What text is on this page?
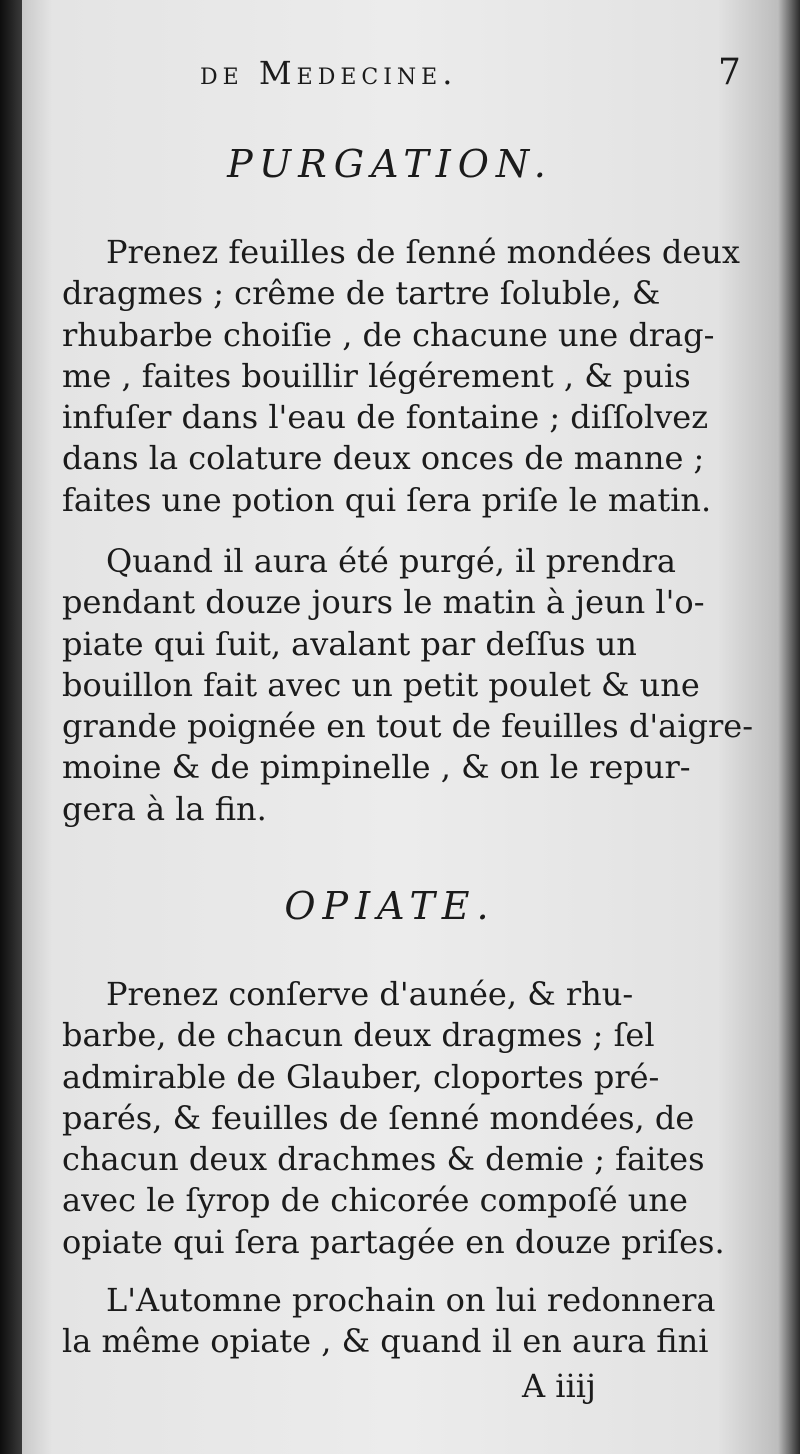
de Medecine.	7
PURGATION.
Prenez feuilles de ſenné mondées deux
dragmes ; crême de tartre ſoluble, &
rhubarbe choiſie , de chacune une drag-
me , faites bouillir légérement , & puis
infuſer dans l'eau de fontaine ; diſſolvez
dans la colature deux onces de manne ;
faites une potion qui ſera priſe le matin.
Quand il aura été purgé, il prendra
pendant douze jours le matin à jeun l'o-
piate qui ſuit, avalant par deſſus un
bouillon fait avec un petit poulet & une
grande poignée en tout de feuilles d'aigre-
moine & de pimpinelle , & on le repur-
gera à la fin.
OPIATE.
Prenez conſerve d'aunée, & rhu-
barbe, de chacun deux dragmes ; ſel
admirable de Glauber, cloportes pré-
parés, & feuilles de ſenné mondées, de
chacun deux drachmes & demie ; faites
avec le ſyrop de chicorée compoſé une
opiate qui ſera partagée en douze priſes.
L'Automne prochain on lui redonnera
la même opiate , & quand il en aura fini
A iiij
